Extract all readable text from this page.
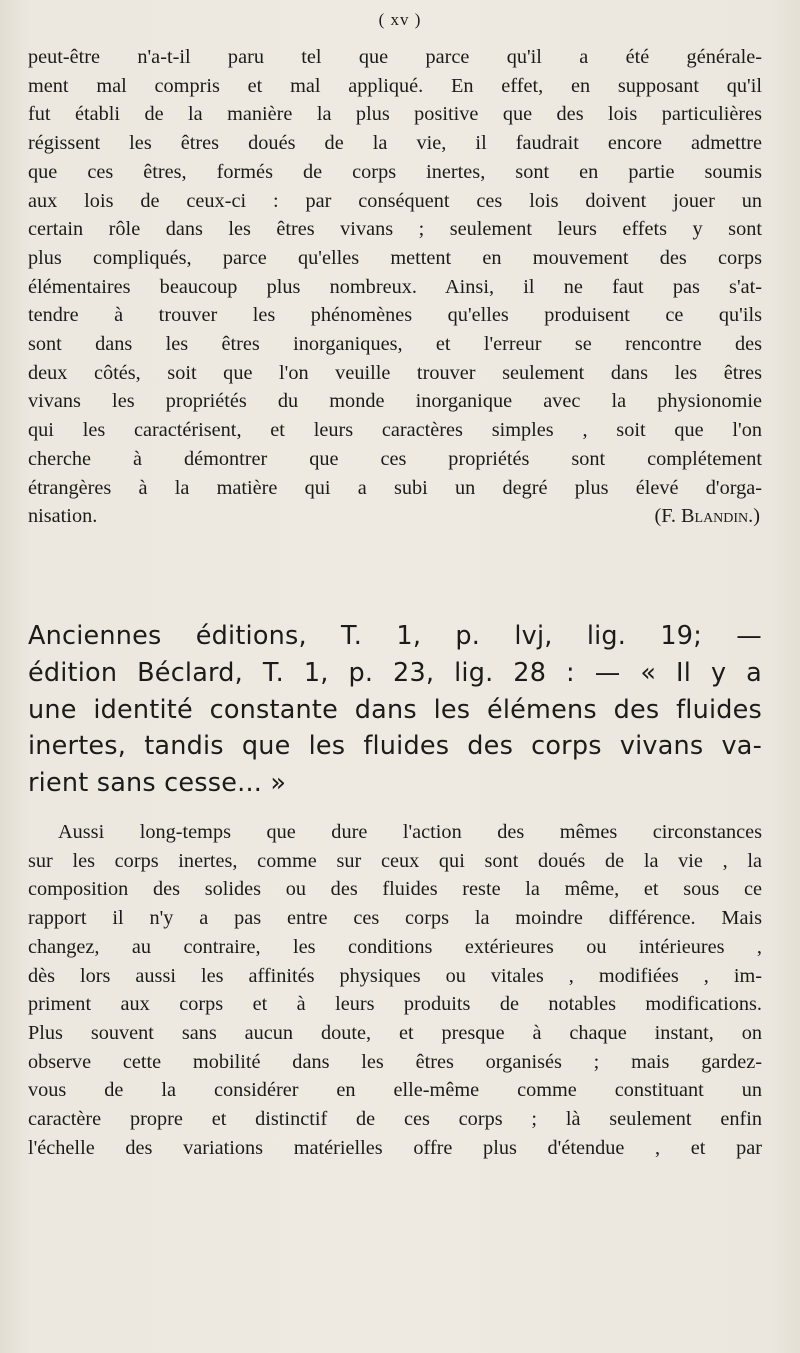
( xv )
peut-être n'a-t-il paru tel que parce qu'il a été générale-
ment mal compris et mal appliqué. En effet, en supposant qu'il
fut établi de la manière la plus positive que des lois particulières
régissent les êtres doués de la vie, il faudrait encore admettre
que ces êtres, formés de corps inertes, sont en partie soumis
aux lois de ceux-ci : par conséquent ces lois doivent jouer un
certain rôle dans les êtres vivans ; seulement leurs effets y sont
plus compliqués, parce qu'elles mettent en mouvement des corps
élémentaires beaucoup plus nombreux. Ainsi, il ne faut pas s'at-
tendre à trouver les phénomènes qu'elles produisent ce qu'ils
sont dans les êtres inorganiques, et l'erreur se rencontre des
deux côtés, soit que l'on veuille trouver seulement dans les êtres
vivans les propriétés du monde inorganique avec la physionomie
qui les caractérisent, et leurs caractères simples , soit que l'on
cherche à démontrer que ces propriétés sont complétement
étrangères à la matière qui a subi un degré plus élevé d'orga-
nisation.	(F. Blandin.)
Anciennes éditions, T. 1, p. lvj, lig. 19; —
édition Béclard, T. 1, p. 23, lig. 28 : — « Il y a
une identité constante dans les élémens des fluides
inertes, tandis que les fluides des corps vivans va-
rient sans cesse... »
Aussi long-temps que dure l'action des mêmes circonstances
sur les corps inertes, comme sur ceux qui sont doués de la vie , la
composition des solides ou des fluides reste la même, et sous ce
rapport il n'y a pas entre ces corps la moindre différence. Mais
changez, au contraire, les conditions extérieures ou intérieures ,
dès lors aussi les affinités physiques ou vitales , modifiées , im-
priment aux corps et à leurs produits de notables modifications.
Plus souvent sans aucun doute, et presque à chaque instant, on
observe cette mobilité dans les êtres organisés ; mais gardez-
vous de la considérer en elle-même comme constituant un
caractère propre et distinctif de ces corps ; là seulement enfin
l'échelle des variations matérielles offre plus d'étendue , et par
